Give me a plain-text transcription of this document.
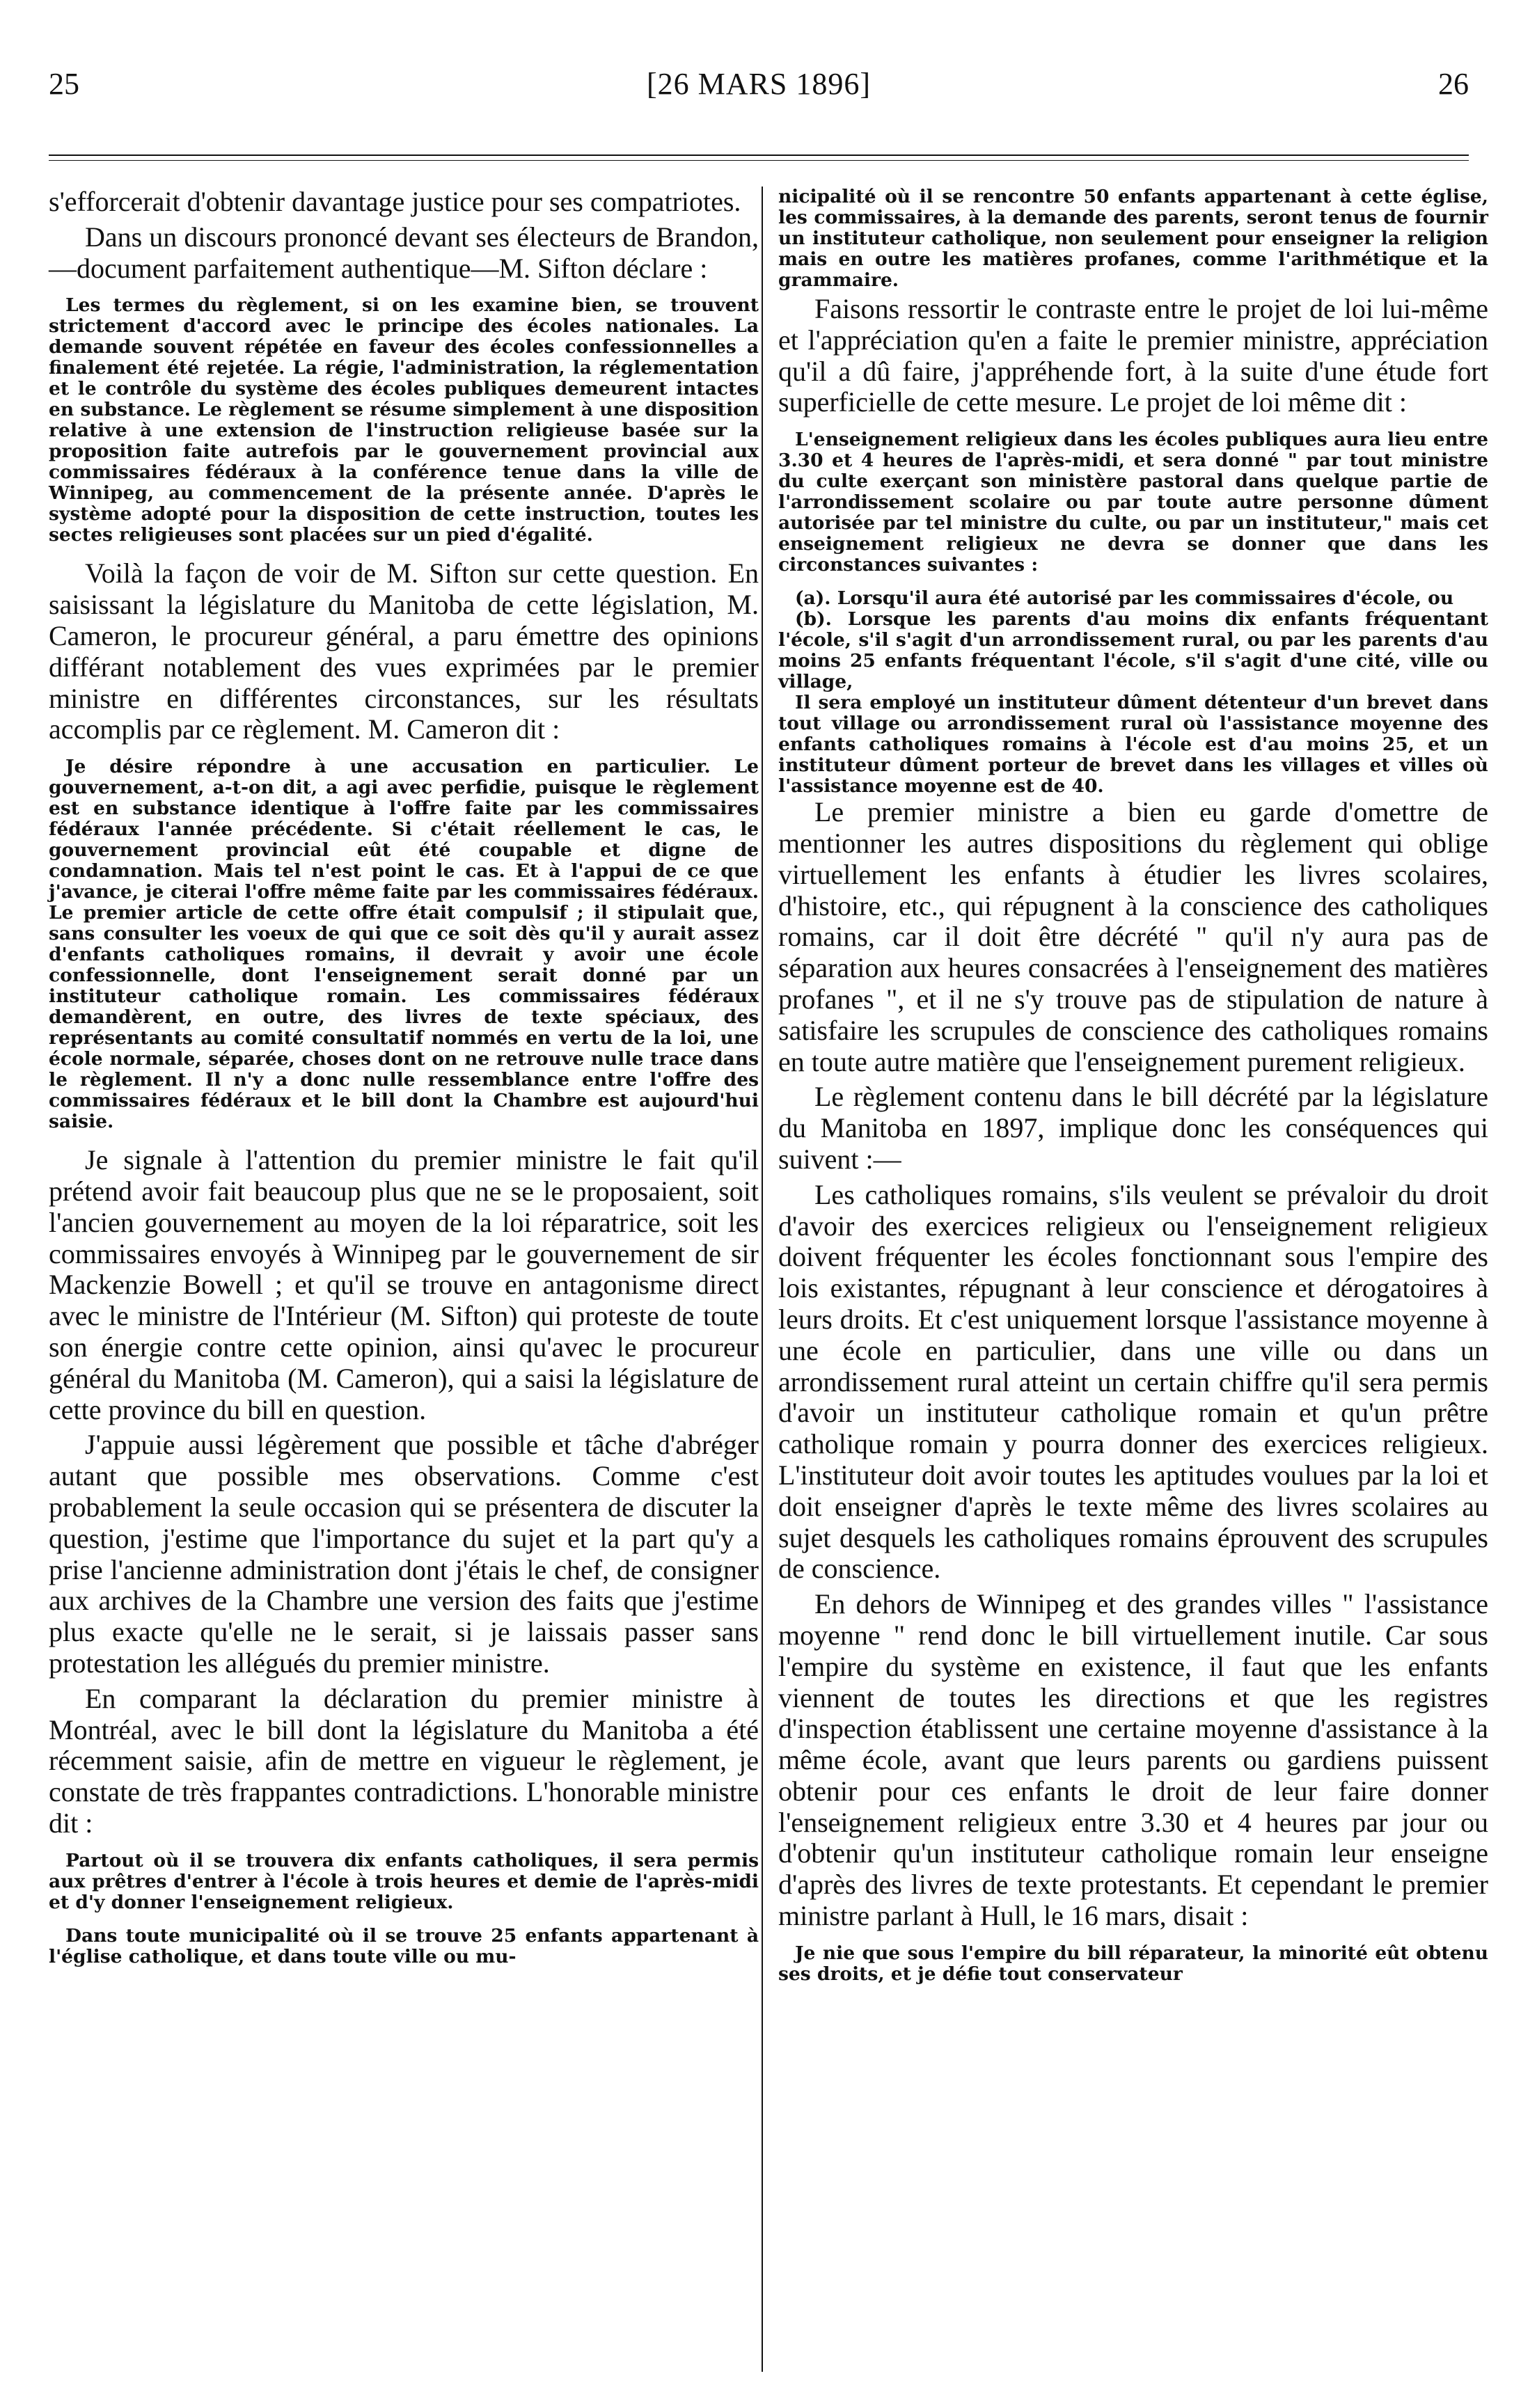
25	[26 MARS 1896]	26
s'efforcerait d'obtenir davantage justice pour ses compatriotes.
Dans un discours prononcé devant ses électeurs de Brandon,—document parfaitement authentique—M. Sifton déclare :
Les termes du règlement, si on les examine bien, se trouvent strictement d'accord avec le principe des écoles nationales. La demande souvent répétée en faveur des écoles confessionnelles a finalement été rejetée. La régie, l'administration, la réglementation et le contrôle du système des écoles publiques demeurent intactes en substance. Le règlement se résume simplement à une disposition relative à une extension de l'instruction religieuse basée sur la proposition faite autrefois par le gouvernement provincial aux commissaires fédéraux à la conférence tenue dans la ville de Winnipeg, au commencement de la présente année. D'après le système adopté pour la disposition de cette instruction, toutes les sectes religieuses sont placées sur un pied d'égalité.
Voilà la façon de voir de M. Sifton sur cette question. En saisissant la législature du Manitoba de cette législation, M. Cameron, le procureur général, a paru émettre des opinions différant notablement des vues exprimées par le premier ministre en différentes circonstances, sur les résultats accomplis par ce règlement. M. Cameron dit :
Je désire répondre à une accusation en particulier. Le gouvernement, a-t-on dit, a agi avec perfidie, puisque le règlement est en substance identique à l'offre faite par les commissaires fédéraux l'année précédente. Si c'était réellement le cas, le gouvernement provincial eût été coupable et digne de condamnation. Mais tel n'est point le cas. Et à l'appui de ce que j'avance, je citerai l'offre même faite par les commissaires fédéraux. Le premier article de cette offre était compulsif ; il stipulait que, sans consulter les voeux de qui que ce soit dès qu'il y aurait assez d'enfants catholiques romains, il devrait y avoir une école confessionnelle, dont l'enseignement serait donné par un instituteur catholique romain. Les commissaires fédéraux demandèrent, en outre, des livres de texte spéciaux, des représentants au comité consultatif nommés en vertu de la loi, une école normale, séparée, choses dont on ne retrouve nulle trace dans le règlement. Il n'y a donc nulle ressemblance entre l'offre des commissaires fédéraux et le bill dont la Chambre est aujourd'hui saisie.
Je signale à l'attention du premier ministre le fait qu'il prétend avoir fait beaucoup plus que ne se le proposaient, soit l'ancien gouvernement au moyen de la loi réparatrice, soit les commissaires envoyés à Winnipeg par le gouvernement de sir Mackenzie Bowell ; et qu'il se trouve en antagonisme direct avec le ministre de l'Intérieur (M. Sifton) qui proteste de toute son énergie contre cette opinion, ainsi qu'avec le procureur général du Manitoba (M. Cameron), qui a saisi la législature de cette province du bill en question.
J'appuie aussi légèrement que possible et tâche d'abréger autant que possible mes observations. Comme c'est probablement la seule occasion qui se présentera de discuter la question, j'estime que l'importance du sujet et la part qu'y a prise l'ancienne administration dont j'étais le chef, de consigner aux archives de la Chambre une version des faits que j'estime plus exacte qu'elle ne le serait, si je laissais passer sans protestation les allégués du premier ministre.
En comparant la déclaration du premier ministre à Montréal, avec le bill dont la législature du Manitoba a été récemment saisie, afin de mettre en vigueur le règlement, je constate de très frappantes contradictions. L'honorable ministre dit :
Partout où il se trouvera dix enfants catholiques, il sera permis aux prêtres d'entrer à l'école à trois heures et demie de l'après-midi et d'y donner l'enseignement religieux.
Dans toute municipalité où il se trouve 25 enfants appartenant à l'église catholique, et dans toute ville ou mu-
nicipalité où il se rencontre 50 enfants appartenant à cette église, les commissaires, à la demande des parents, seront tenus de fournir un instituteur catholique, non seulement pour enseigner la religion mais en outre les matières profanes, comme l'arithmétique et la grammaire.
Faisons ressortir le contraste entre le projet de loi lui-même et l'appréciation qu'en a faite le premier ministre, appréciation qu'il a dû faire, j'appréhende fort, à la suite d'une étude fort superficielle de cette mesure. Le projet de loi même dit :
L'enseignement religieux dans les écoles publiques aura lieu entre 3.30 et 4 heures de l'après-midi, et sera donné " par tout ministre du culte exerçant son ministère pastoral dans quelque partie de l'arrondissement scolaire ou par toute autre personne dûment autorisée par tel ministre du culte, ou par un instituteur," mais cet enseignement religieux ne devra se donner que dans les circonstances suivantes :
(a). Lorsqu'il aura été autorisé par les commissaires d'école, ou
(b). Lorsque les parents d'au moins dix enfants fréquentant l'école, s'il s'agit d'un arrondissement rural, ou par les parents d'au moins 25 enfants fréquentant l'école, s'il s'agit d'une cité, ville ou village,
Il sera employé un instituteur dûment détenteur d'un brevet dans tout village ou arrondissement rural où l'assistance moyenne des enfants catholiques romains à l'école est d'au moins 25, et un instituteur dûment porteur de brevet dans les villages et villes où l'assistance moyenne est de 40.
Le premier ministre a bien eu garde d'omettre de mentionner les autres dispositions du règlement qui oblige virtuellement les enfants à étudier les livres scolaires, d'histoire, etc., qui répugnent à la conscience des catholiques romains, car il doit être décrété " qu'il n'y aura pas de séparation aux heures consacrées à l'enseignement des matières profanes ", et il ne s'y trouve pas de stipulation de nature à satisfaire les scrupules de conscience des catholiques romains en toute autre matière que l'enseignement purement religieux.
Le règlement contenu dans le bill décrété par la législature du Manitoba en 1897, implique donc les conséquences qui suivent :—
Les catholiques romains, s'ils veulent se prévaloir du droit d'avoir des exercices religieux ou l'enseignement religieux doivent fréquenter les écoles fonctionnant sous l'empire des lois existantes, répugnant à leur conscience et dérogatoires à leurs droits. Et c'est uniquement lorsque l'assistance moyenne à une école en particulier, dans une ville ou dans un arrondissement rural atteint un certain chiffre qu'il sera permis d'avoir un instituteur catholique romain et qu'un prêtre catholique romain y pourra donner des exercices religieux. L'instituteur doit avoir toutes les aptitudes voulues par la loi et doit enseigner d'après le texte même des livres scolaires au sujet desquels les catholiques romains éprouvent des scrupules de conscience.
En dehors de Winnipeg et des grandes villes " l'assistance moyenne " rend donc le bill virtuellement inutile. Car sous l'empire du système en existence, il faut que les enfants viennent de toutes les directions et que les registres d'inspection établissent une certaine moyenne d'assistance à la même école, avant que leurs parents ou gardiens puissent obtenir pour ces enfants le droit de leur faire donner l'enseignement religieux entre 3.30 et 4 heures par jour ou d'obtenir qu'un instituteur catholique romain leur enseigne d'après des livres de texte protestants. Et cependant le premier ministre parlant à Hull, le 16 mars, disait :
Je nie que sous l'empire du bill réparateur, la minorité eût obtenu ses droits, et je défie tout conservateur
